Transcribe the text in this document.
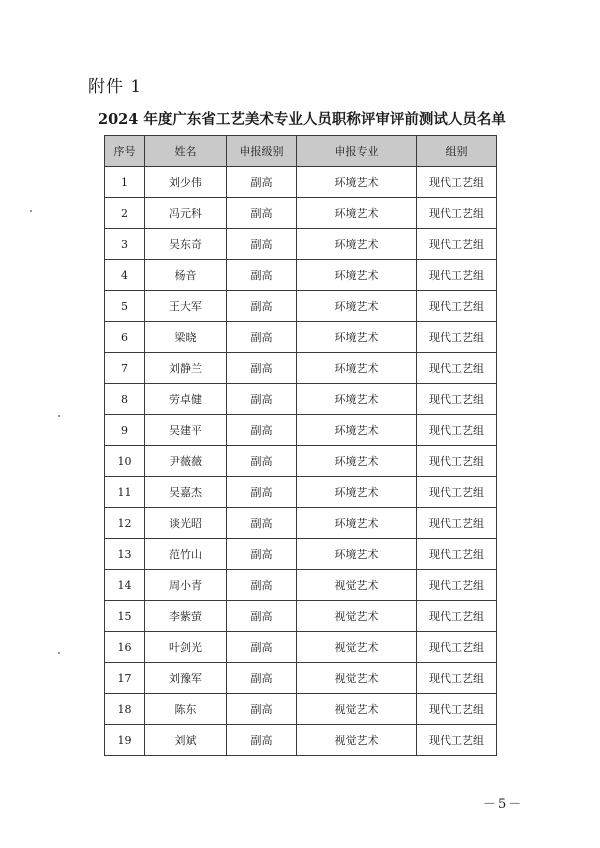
附件 1
2024 年度广东省工艺美术专业人员职称评审评前测试人员名单
序号	姓名	申报级别	申报专业	组别
1	刘少伟	副高	环境艺术	现代工艺组
2	冯元科	副高	环境艺术	现代工艺组
3	吴东奇	副高	环境艺术	现代工艺组
4	杨音	副高	环境艺术	现代工艺组
5	王大军	副高	环境艺术	现代工艺组
6	梁晓	副高	环境艺术	现代工艺组
7	刘静兰	副高	环境艺术	现代工艺组
8	劳卓健	副高	环境艺术	现代工艺组
9	吴建平	副高	环境艺术	现代工艺组
10	尹薇薇	副高	环境艺术	现代工艺组
11	吴嘉杰	副高	环境艺术	现代工艺组
12	谈光昭	副高	环境艺术	现代工艺组
13	范竹山	副高	环境艺术	现代工艺组
14	周小青	副高	视觉艺术	现代工艺组
15	李紫萤	副高	视觉艺术	现代工艺组
16	叶剑光	副高	视觉艺术	现代工艺组
17	刘豫军	副高	视觉艺术	现代工艺组
18	陈东	副高	视觉艺术	现代工艺组
19	刘斌	副高	视觉艺术	现代工艺组
－5－
